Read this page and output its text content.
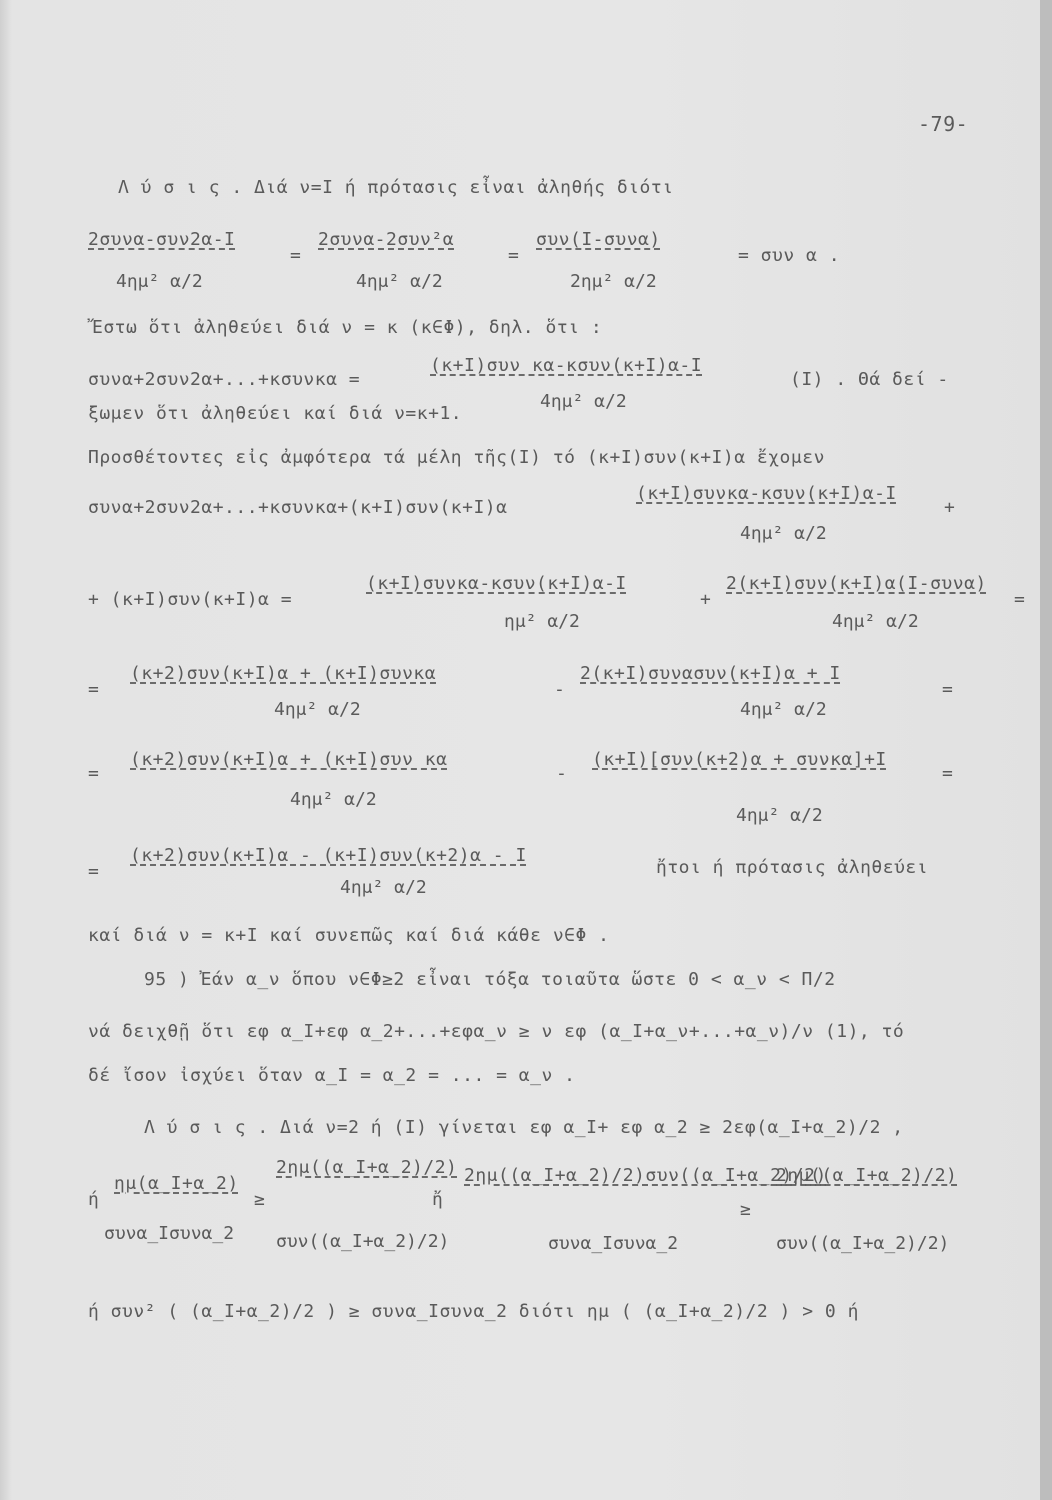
-79-
Λ ύ σ ι ς . Διά ν=Ι ή πρότασις εἶναι ἀληθής διότι
2συνα-συν2α-Ι
4ημ² α/2
=
2συνα-2συν²α
4ημ² α/2
=
συν(Ι-συνα)
2ημ² α/2
= συν α .
Ἔστω ὅτι ἀληθεύει διά ν = κ (κ∈Φ), δηλ. ὅτι :
συνα+2συν2α+...+κσυνκα =
(κ+Ι)συν κα-κσυν(κ+Ι)α-Ι
(Ι) . Θά δεί -
ξωμεν ὅτι ἀληθεύει καί διά ν=κ+1.
4ημ² α/2
Προσθέτοντες εἰς ἀμφότερα τά μέλη τῆς(Ι) τό (κ+Ι)συν(κ+Ι)α ἔχομεν
συνα+2συν2α+...+κσυνκα+(κ+Ι)συν(κ+Ι)α
(κ+Ι)συνκα-κσυν(κ+Ι)α-Ι
+
4ημ² α/2
+ (κ+Ι)συν(κ+Ι)α =
(κ+Ι)συνκα-κσυν(κ+Ι)α-Ι
+
2(κ+Ι)συν(κ+Ι)α(Ι-συνα)
=
ημ² α/2	4ημ² α/2
=
(κ+2)συν(κ+Ι)α + (κ+Ι)συνκα
-
2(κ+Ι)συνασυν(κ+Ι)α + Ι
=
4ημ² α/2	4ημ² α/2
=
(κ+2)συν(κ+Ι)α + (κ+Ι)συν κα
-
(κ+Ι)[συν(κ+2)α + συνκα]+Ι
=
4ημ² α/2
4ημ² α/2
=
(κ+2)συν(κ+Ι)α - (κ+Ι)συν(κ+2)α - Ι
ἤτοι ή πρότασις ἀληθεύει
4ημ² α/2
καί διά ν = κ+Ι καί συνεπῶς καί διά κάθε ν∈Φ .
95 ) Ἐάν α_ν ὅπου ν∈Φ≥2 εἶναι τόξα τοιαῦτα ὥστε 0 < α_ν < Π/2
νά δειχθῇ ὅτι εφ α_Ι+εφ α_2+...+εφα_ν ≥ ν εφ (α_Ι+α_ν+...+α_ν)/ν (1), τό
δέ ἴσον ἰσχύει ὅταν α_Ι = α_2 = ... = α_ν .
Λ ύ σ ι ς . Διά ν=2 ή (Ι) γίνεται εφ α_Ι+ εφ α_2 ≥ 2εφ(α_Ι+α_2)/2 ,
ή
ημ(α_Ι+α_2)
συνα_Ισυνα_2
≥
2ημ((α_Ι+α_2)/2)
συν((α_Ι+α_2)/2)
ἤ
2ημ((α_Ι+α_2)/2)συν((α_Ι+α_2)/2)
συνα_Ισυνα_2
≥
2ημ((α_Ι+α_2)/2)
συν((α_Ι+α_2)/2)
ή συν² ( (α_Ι+α_2)/2 ) ≥ συνα_Ισυνα_2 διότι ημ ( (α_Ι+α_2)/2 ) > 0 ή
